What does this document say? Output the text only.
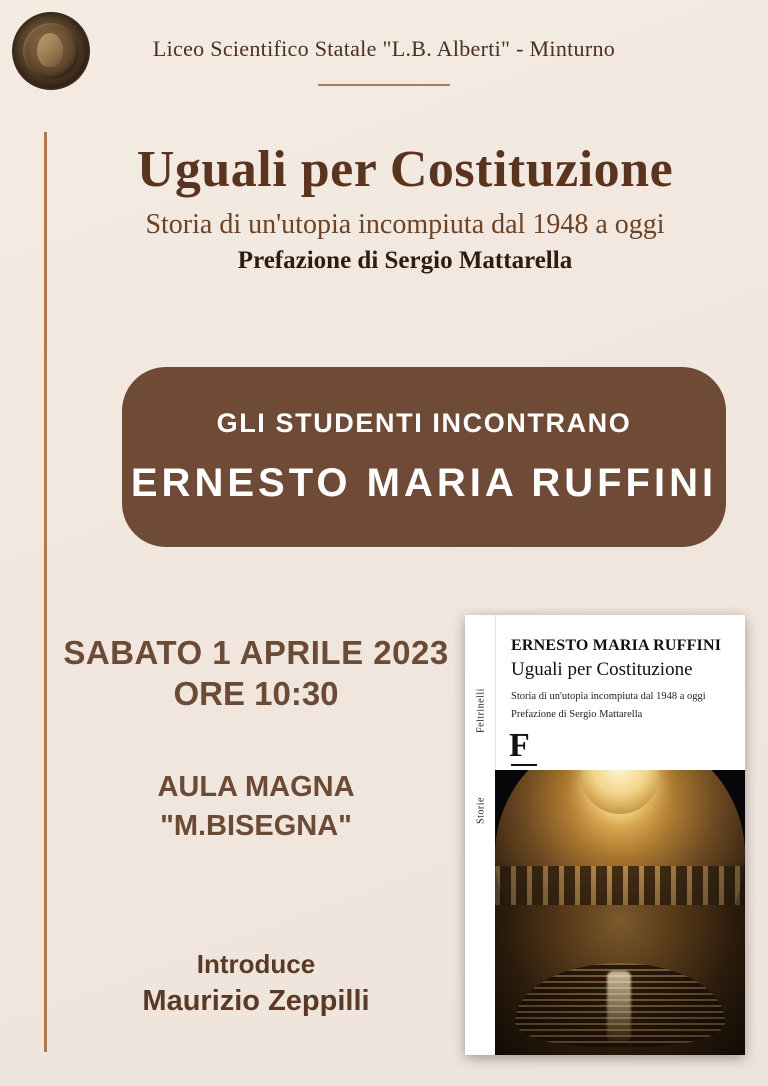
Liceo Scientifico Statale "L.B. Alberti" - Minturno
Uguali per Costituzione
Storia di un'utopia incompiuta dal 1948 a oggi
Prefazione di Sergio Mattarella
GLI STUDENTI INCONTRANO
ERNESTO MARIA RUFFINI
SABATO 1 APRILE 2023
ORE 10:30
AULA MAGNA
"M.BISEGNA"
Introduce
Maurizio Zeppilli
Feltrinelli
Storie
ERNESTO MARIA RUFFINI
Uguali per Costituzione
Storia di un'utopia incompiuta dal 1948 a oggi
Prefazione di Sergio Mattarella
F
